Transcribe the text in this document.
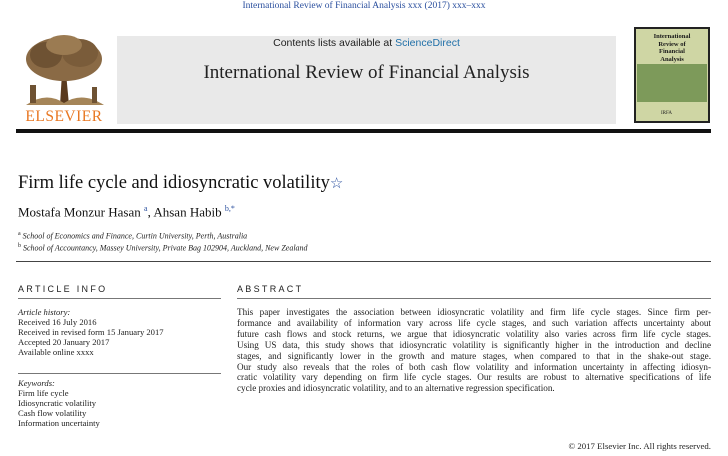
International Review of Financial Analysis xxx (2017) xxx–xxx
ELSEVIER
Contents lists available at ScienceDirect
International Review of Financial Analysis
International
Review of
Financial
Analysis
IRFA
Firm life cycle and idiosyncratic volatility☆
Mostafa Monzur Hasan $^a$, Ahsan Habib $^{b,*}$
$^a$ School of Economics and Finance, Curtin University, Perth, Australia
$^b$ School of Accountancy, Massey University, Private Bag 102904, Auckland, New Zealand
ARTICLE INFO	ABSTRACT
Article history:
Received 16 July 2016
Received in revised form 15 January 2017
Accepted 20 January 2017
Available online xxxx
Keywords:
Firm life cycle
Idiosyncratic volatility
Cash flow volatility
Information uncertainty
This paper investigates the association between idiosyncratic volatility and firm life cycle stages. Since firm per-
formance and availability of information vary across life cycle stages, and such variation affects uncertainty about
future cash flows and stock returns, we argue that idiosyncratic volatility also varies across firm life cycle stages.
Using US data, this study shows that idiosyncratic volatility is significantly higher in the introduction and decline
stages, and significantly lower in the growth and mature stages, when compared to that in the shake-out stage.
Our study also reveals that the roles of both cash flow volatility and information uncertainty in affecting idiosyn-
cratic volatility vary depending on firm life cycle stages. Our results are robust to alternative specifications of life
cycle proxies and idiosyncratic volatility, and to an alternative regression specification.
© 2017 Elsevier Inc. All rights reserved.
